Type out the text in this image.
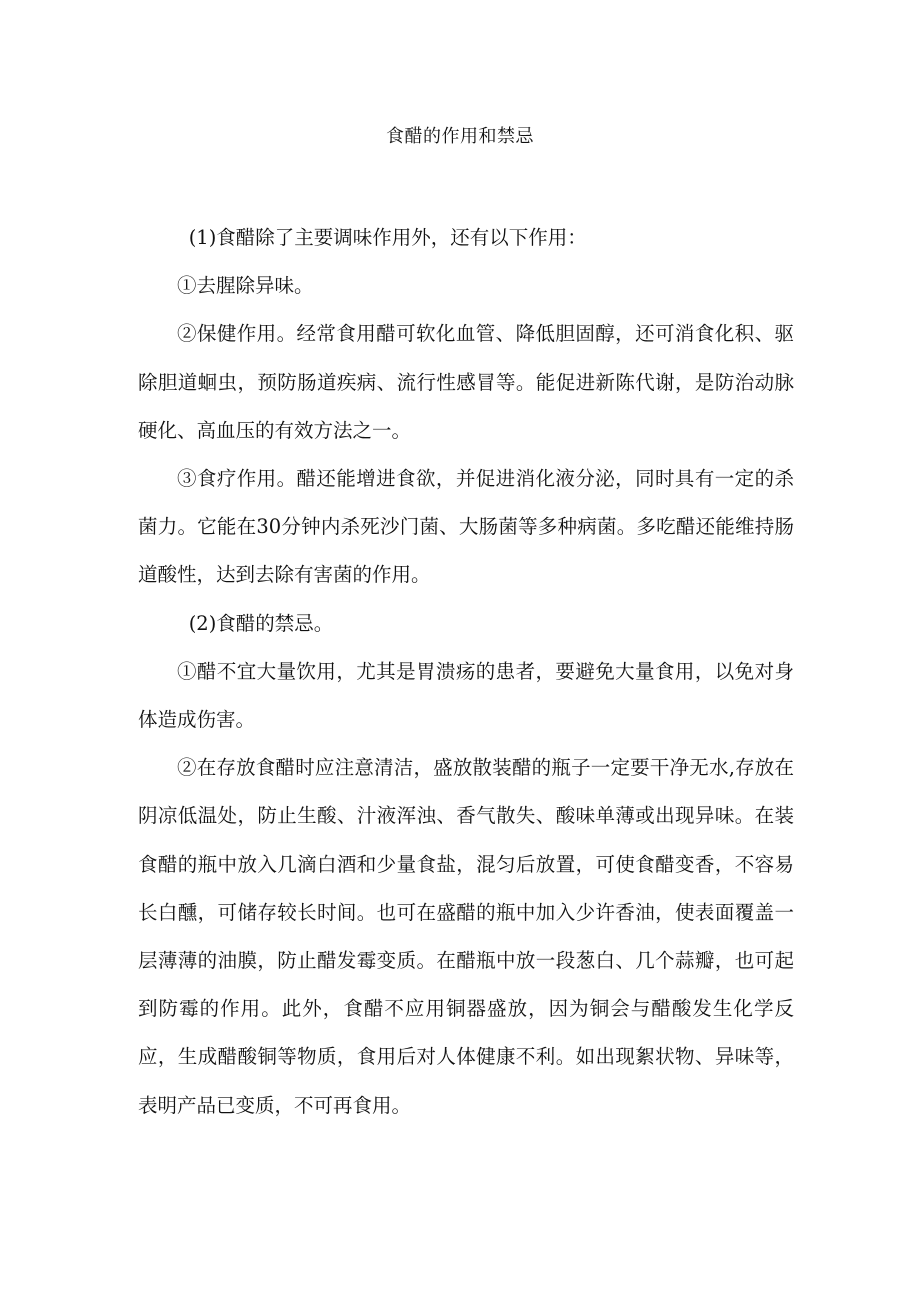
食醋的作用和禁忌

(1)食醋除了主要调味作用外，还有以下作用：

①去腥除异味。

②保健作用。经常食用醋可软化血管、降低胆固醇，还可消食化积、驱除胆道蛔虫，预防肠道疾病、流行性感冒等。能促进新陈代谢，是防治动脉硬化、高血压的有效方法之一。

③食疗作用。醋还能增进食欲，并促进消化液分泌，同时具有一定的杀菌力。它能在30分钟内杀死沙门菌、大肠菌等多种病菌。多吃醋还能维持肠道酸性，达到去除有害菌的作用。

(2)食醋的禁忌。

①醋不宜大量饮用，尤其是胃溃疡的患者，要避免大量食用，以免对身体造成伤害。

②在存放食醋时应注意清洁，盛放散装醋的瓶子一定要干净无水,存放在阴凉低温处，防止生酸、汁液浑浊、香气散失、酸味单薄或出现异味。在装食醋的瓶中放入几滴白酒和少量食盐，混匀后放置，可使食醋变香，不容易长白醺，可储存较长时间。也可在盛醋的瓶中加入少许香油，使表面覆盖一层薄薄的油膜，防止醋发霉变质。在醋瓶中放一段葱白、几个蒜瓣，也可起到防霉的作用。此外，食醋不应用铜器盛放，因为铜会与醋酸发生化学反应，生成醋酸铜等物质，食用后对人体健康不利。如出现絮状物、异味等，表明产品已变质，不可再食用。
